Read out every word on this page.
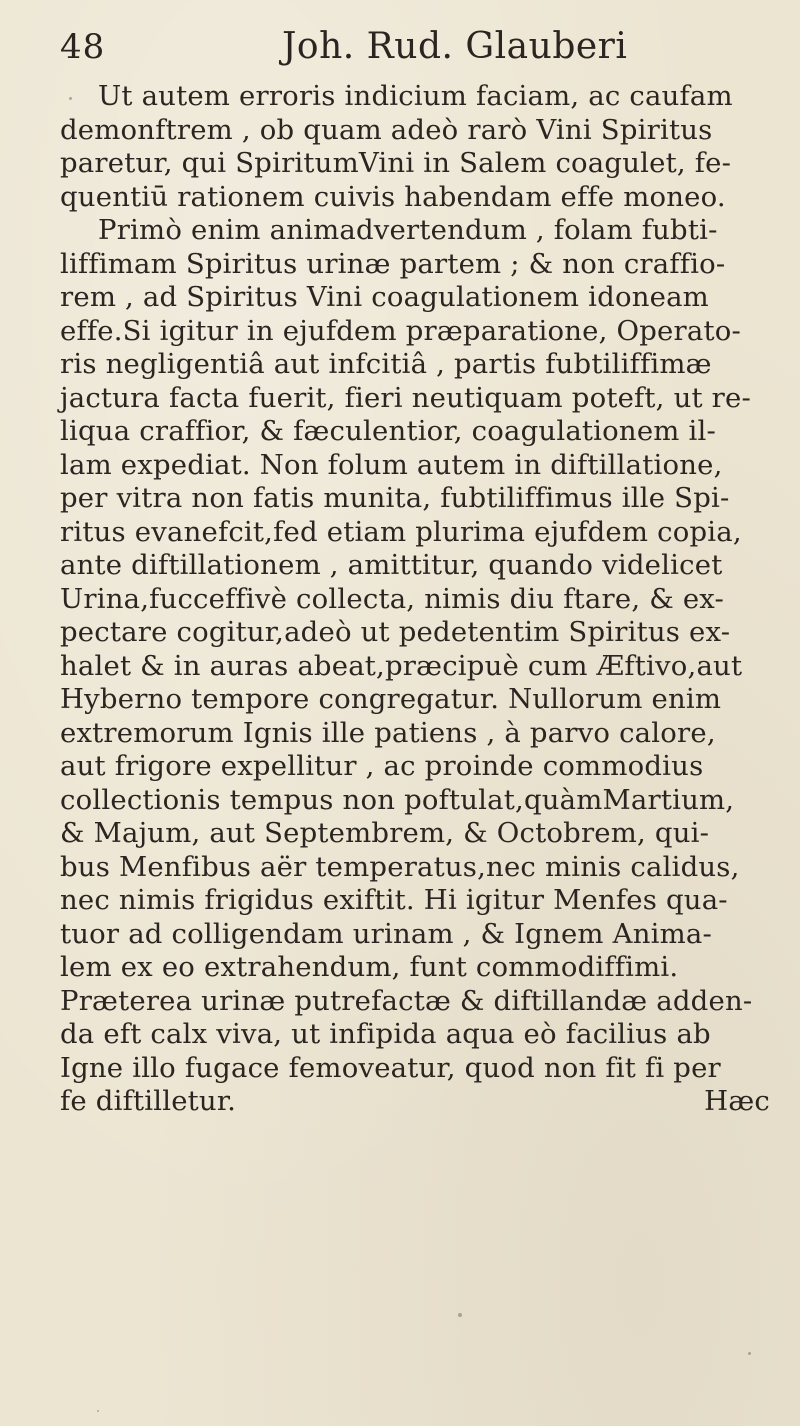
48	Joh. Rud. Glauberi
Ut autem erroris indicium faciam, ac caufam
demonftrem , ob quam adeò rarò Vini Spiritus
paretur, qui SpiritumVini in Salem coagulet, fe-
quentiū rationem cuivis habendam effe moneo.
Primò enim animadvertendum , folam fubti-
liffimam Spiritus urinæ partem ; & non craffio-
rem , ad Spiritus Vini coagulationem idoneam
effe.Si igitur in ejufdem præparatione, Operato-
ris negligentiâ aut infcitiâ , partis fubtiliffimæ
jactura facta fuerit, fieri neutiquam poteft, ut re-
liqua craffior, & fæculentior, coagulationem il-
lam expediat. Non folum autem in diftillatione,
per vitra non fatis munita, fubtiliffimus ille Spi-
ritus evanefcit,fed etiam plurima ejufdem copia,
ante diftillationem , amittitur, quando videlicet
Urina,fucceffivè collecta, nimis diu ftare, & ex-
pectare cogitur,adeò ut pedetentim Spiritus ex-
halet & in auras abeat,præcipuè cum Æftivo,aut
Hyberno tempore congregatur. Nullorum enim
extremorum Ignis ille patiens , à parvo calore,
aut frigore expellitur , ac proinde commodius
collectionis tempus non poftulat,quàmMartium,
& Majum, aut Septembrem, & Octobrem, qui-
bus Menfibus aër temperatus,nec minis calidus,
nec nimis frigidus exiftit. Hi igitur Menfes qua-
tuor ad colligendam urinam , & Ignem Anima-
lem ex eo extrahendum, funt commodiffimi.
Præterea urinæ putrefactæ & diftillandæ adden-
da eft calx viva, ut infipida aqua eò facilius ab
Igne illo fugace femoveatur, quod non fit fi per
fe diftilletur.	Hæc
